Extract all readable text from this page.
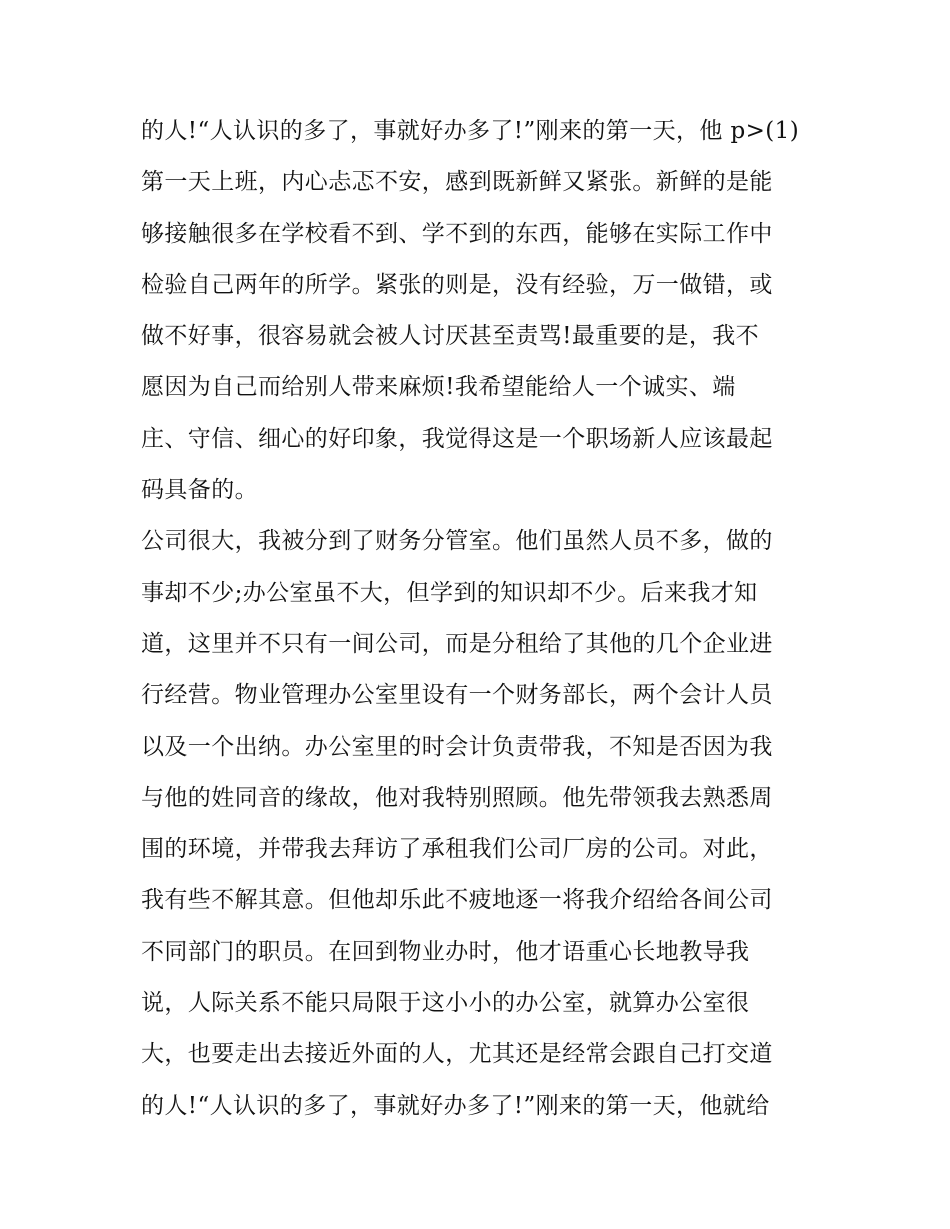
的人!“人认识的多了，事就好办多了!”刚来的第一天，他 p>(1)
第一天上班，内心忐忑不安，感到既新鲜又紧张。新鲜的是能
够接触很多在学校看不到、学不到的东西，能够在实际工作中
检验自己两年的所学。紧张的则是，没有经验，万一做错，或
做不好事，很容易就会被人讨厌甚至责骂!最重要的是，我不
愿因为自己而给别人带来麻烦!我希望能给人一个诚实、端
庄、守信、细心的好印象，我觉得这是一个职场新人应该最起
码具备的。
公司很大，我被分到了财务分管室。他们虽然人员不多，做的
事却不少;办公室虽不大，但学到的知识却不少。后来我才知
道，这里并不只有一间公司，而是分租给了其他的几个企业进
行经营。物业管理办公室里设有一个财务部长，两个会计人员
以及一个出纳。办公室里的时会计负责带我，不知是否因为我
与他的姓同音的缘故，他对我特别照顾。他先带领我去熟悉周
围的环境，并带我去拜访了承租我们公司厂房的公司。对此，
我有些不解其意。但他却乐此不疲地逐一将我介绍给各间公司
不同部门的职员。在回到物业办时，他才语重心长地教导我
说，人际关系不能只局限于这小小的办公室，就算办公室很
大，也要走出去接近外面的人，尤其还是经常会跟自己打交道
的人!“人认识的多了，事就好办多了!”刚来的第一天，他就给
